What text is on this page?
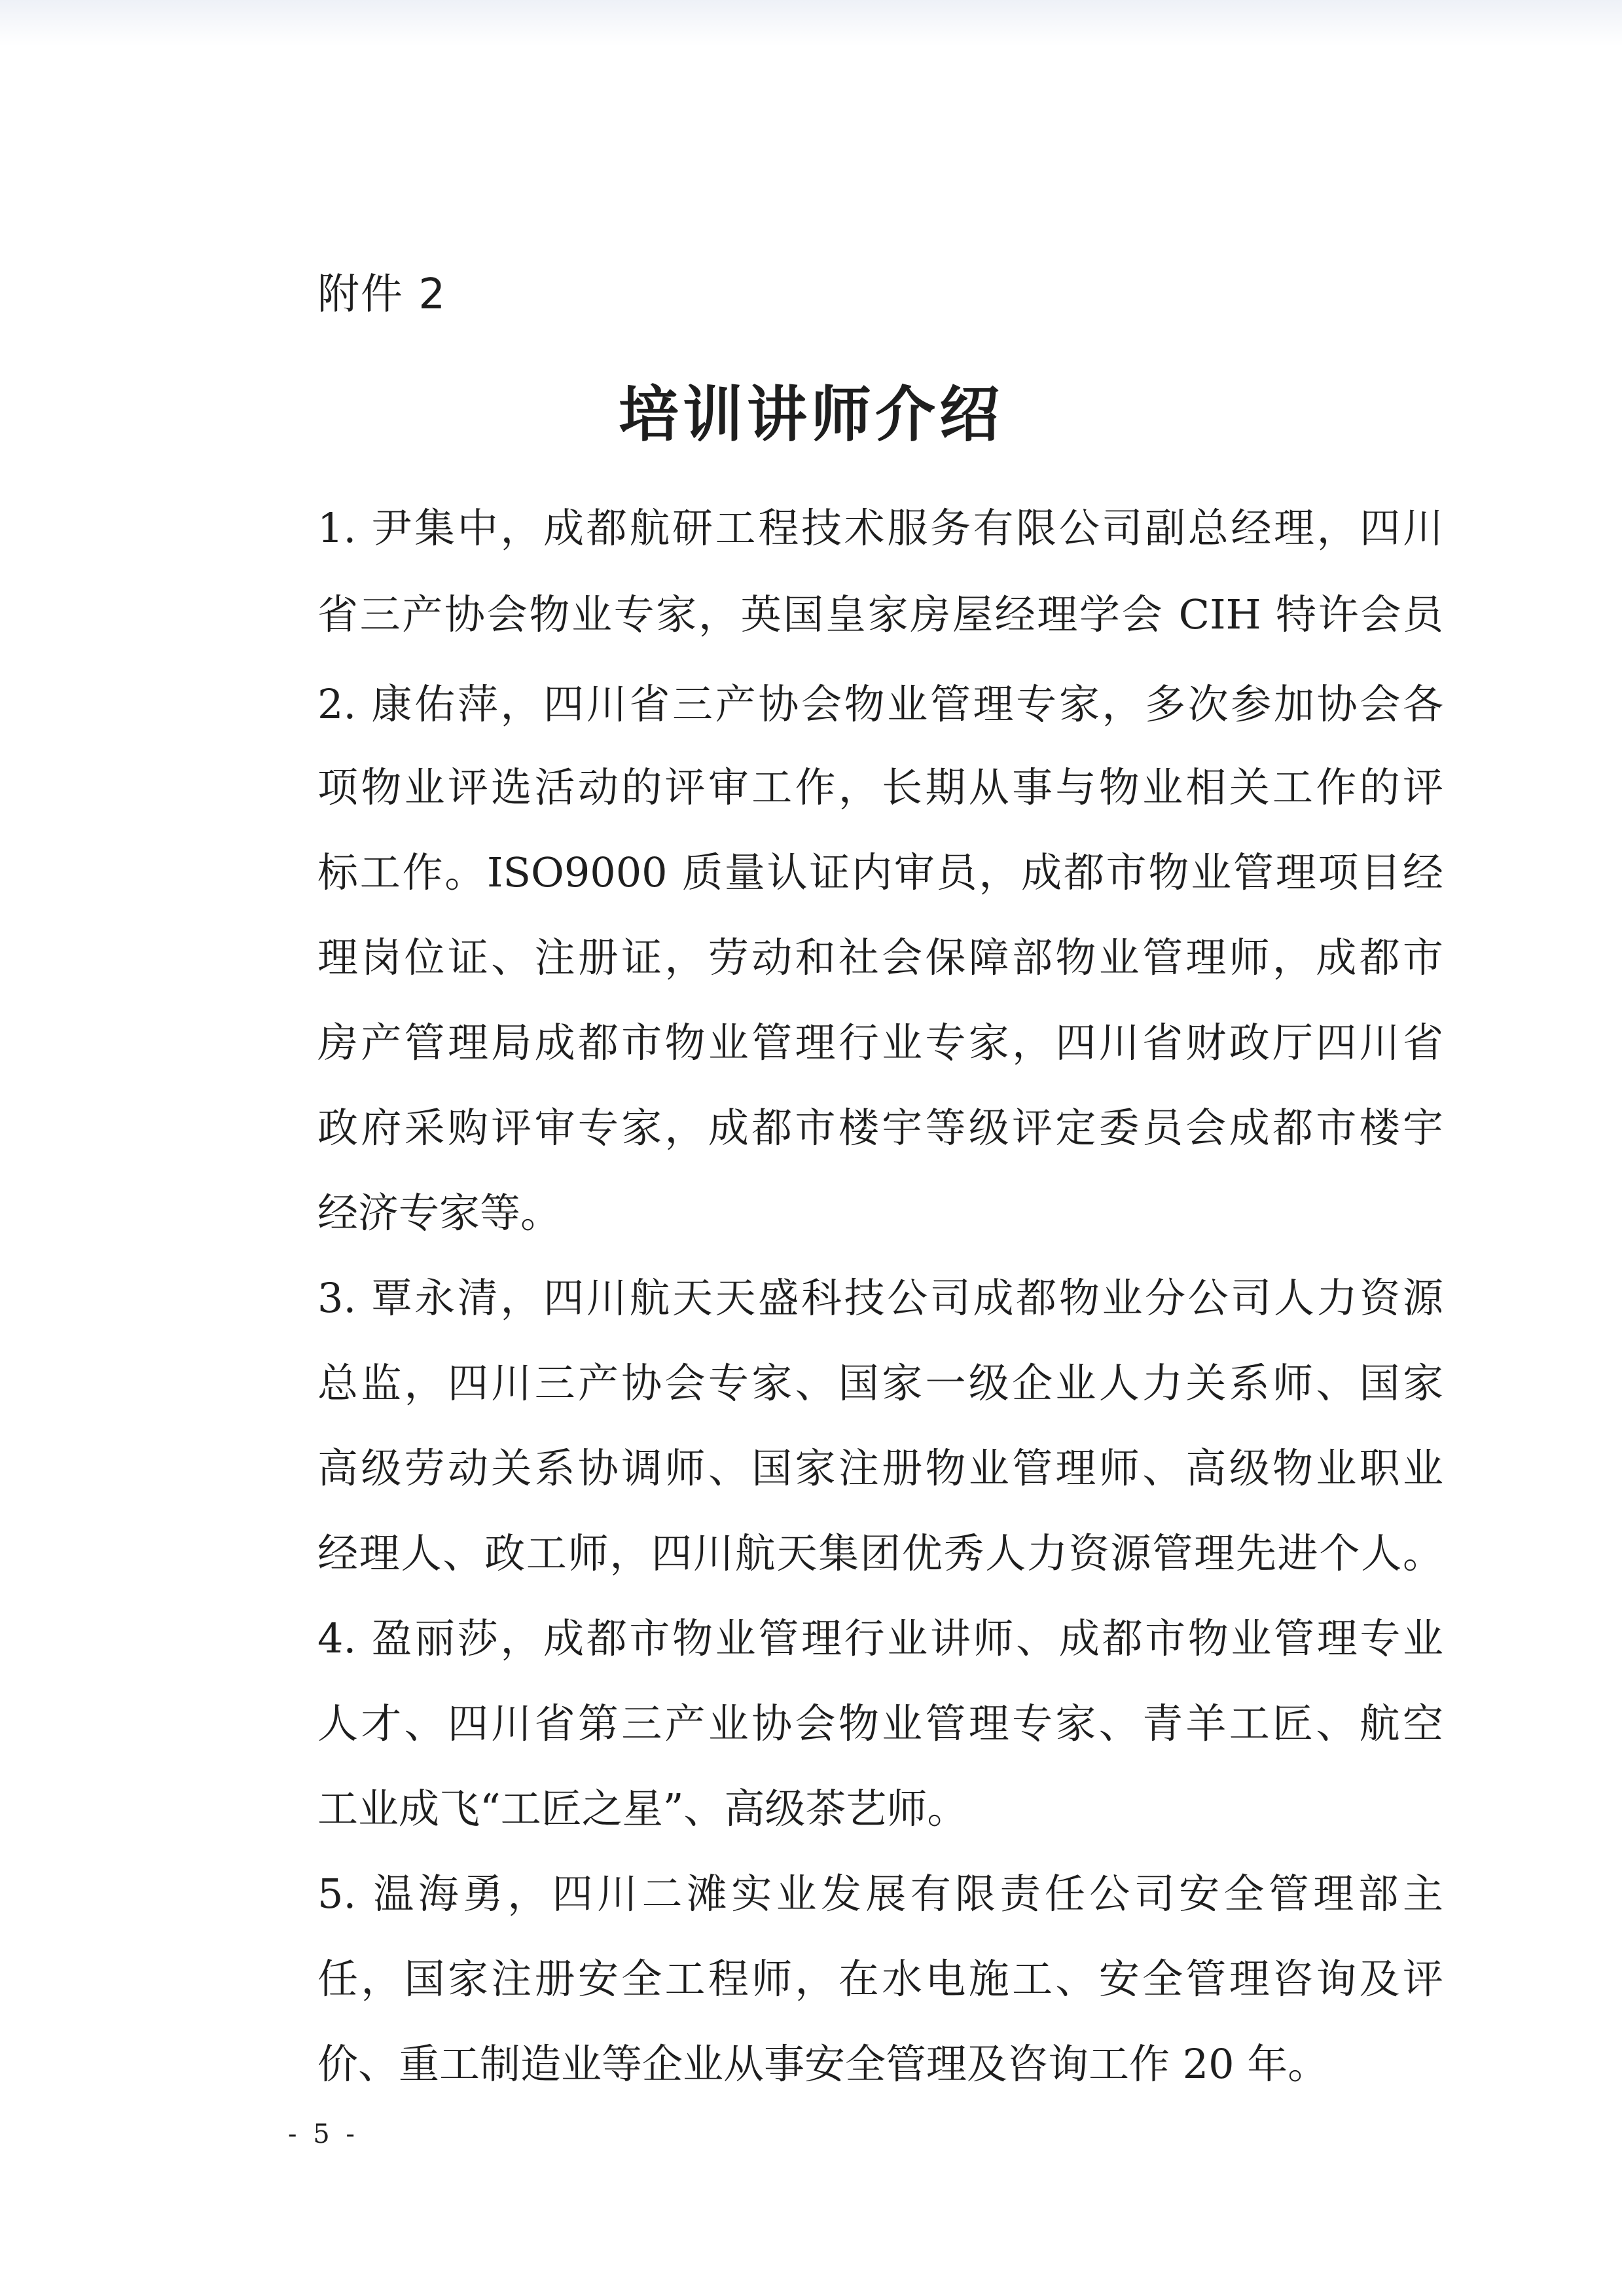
附件 2
培训讲师介绍
1. 尹集中，成都航研工程技术服务有限公司副总经理，四川
省三产协会物业专家，英国皇家房屋经理学会 CIH 特许会员
2. 康佑萍，四川省三产协会物业管理专家，多次参加协会各
项物业评选活动的评审工作，长期从事与物业相关工作的评
标工作。ISO9000 质量认证内审员，成都市物业管理项目经
理岗位证、注册证，劳动和社会保障部物业管理师，成都市
房产管理局成都市物业管理行业专家，四川省财政厅四川省
政府采购评审专家，成都市楼宇等级评定委员会成都市楼宇
经济专家等。
3. 覃永清，四川航天天盛科技公司成都物业分公司人力资源
总监，四川三产协会专家、国家一级企业人力关系师、国家
高级劳动关系协调师、国家注册物业管理师、高级物业职业
经理人、政工师，四川航天集团优秀人力资源管理先进个人。
4. 盈丽莎，成都市物业管理行业讲师、成都市物业管理专业
人才、四川省第三产业协会物业管理专家、青羊工匠、航空
工业成飞“工匠之星”、高级茶艺师。
5. 温海勇，四川二滩实业发展有限责任公司安全管理部主
任，国家注册安全工程师，在水电施工、安全管理咨询及评
价、重工制造业等企业从事安全管理及咨询工作 20 年。
- 5 -
